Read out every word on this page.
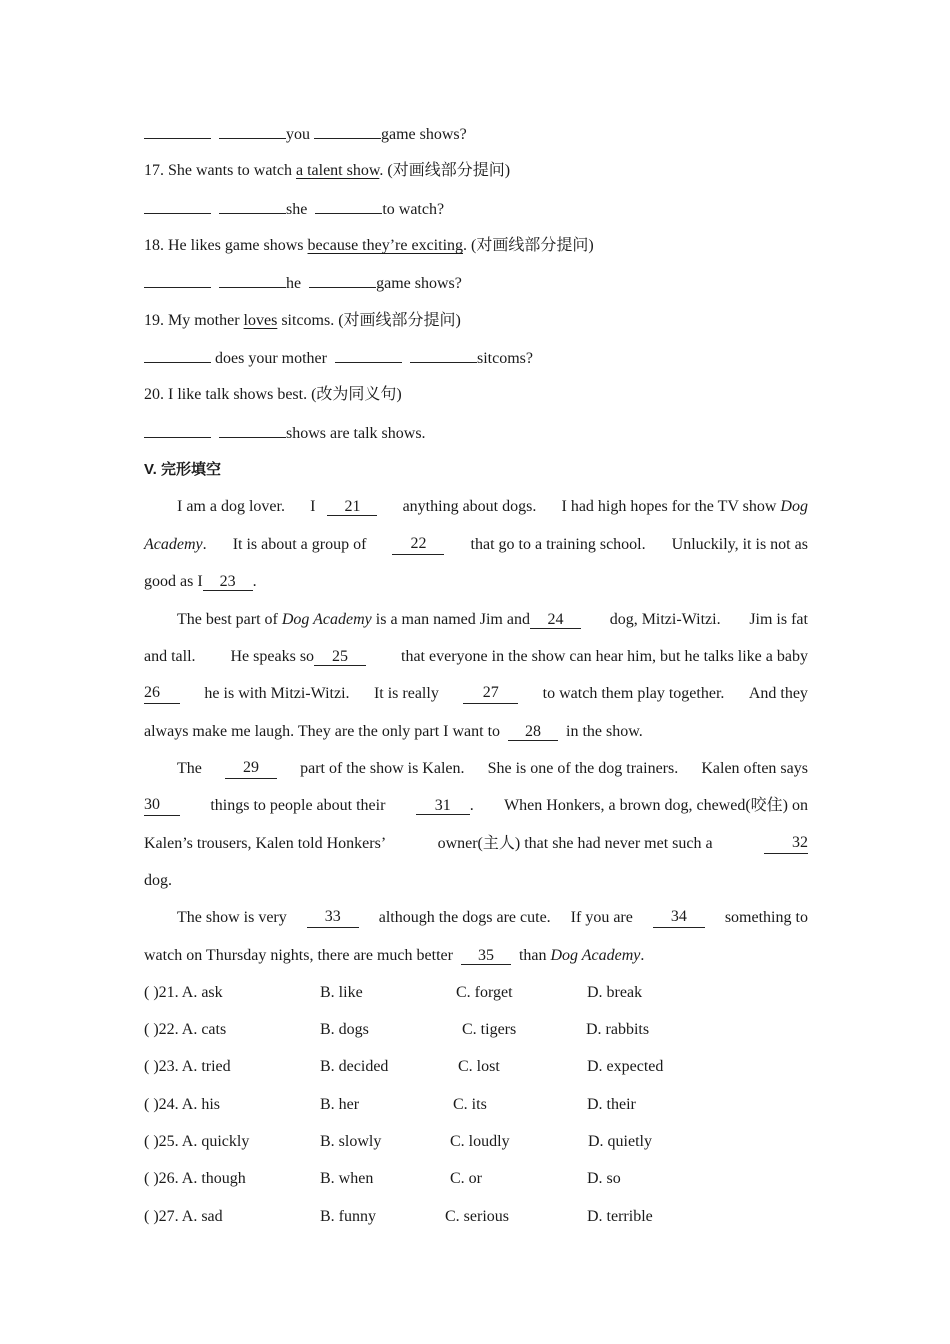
you	game shows?
17. She wants to watch a talent show. (对画线部分提问)
she	to watch?
18. He likes game shows because they’re exciting. (对画线部分提问)
he	game shows?
19. My mother loves sitcoms. (对画线部分提问)
does your mother	sitcoms?
20. I like talk shows best. (改为同义句)
shows are talk shows.
V. 完形填空
I am a dog lover. I 21	anything about dogs. I had high hopes for the TV show Dog
Academy. It is about a group of	22	that go to a training school. Unluckily, it is not as
good as I 23 .
The best part of Dog Academy is a man named Jim and 24	dog, Mitzi-Witzi. Jim is fat
and tall. He speaks so 25	that everyone in the show can hear him, but he talks like a baby
26	he is with Mitzi-Witzi. It is really	27	to watch them play together. And they
always make me laugh. They are the only part I want to 28 in the show.
The	29	part of the show is Kalen. She is one of the dog trainers. Kalen often says
30	things to people about their	31 . When Honkers, a brown dog, chewed(咬住) on
Kalen’s trousers, Kalen told Honkers’	owner(主人) that she had never met such a	32
dog.
The show is very	33	although the dogs are cute. If you are	34	something to
watch on Thursday nights, there are much better 35 than Dog Academy.
( )21. A. ask	B. like	C. forget	D. break
( )22. A. cats	B. dogs	C. tigers	D. rabbits
( )23. A. tried	B. decided	C. lost	D. expected
( )24. A. his	B. her	C. its	D. their
( )25. A. quickly	B. slowly	C. loudly	D. quietly
( )26. A. though	B. when	C. or	D. so
( )27. A. sad	B. funny	C. serious	D. terrible
